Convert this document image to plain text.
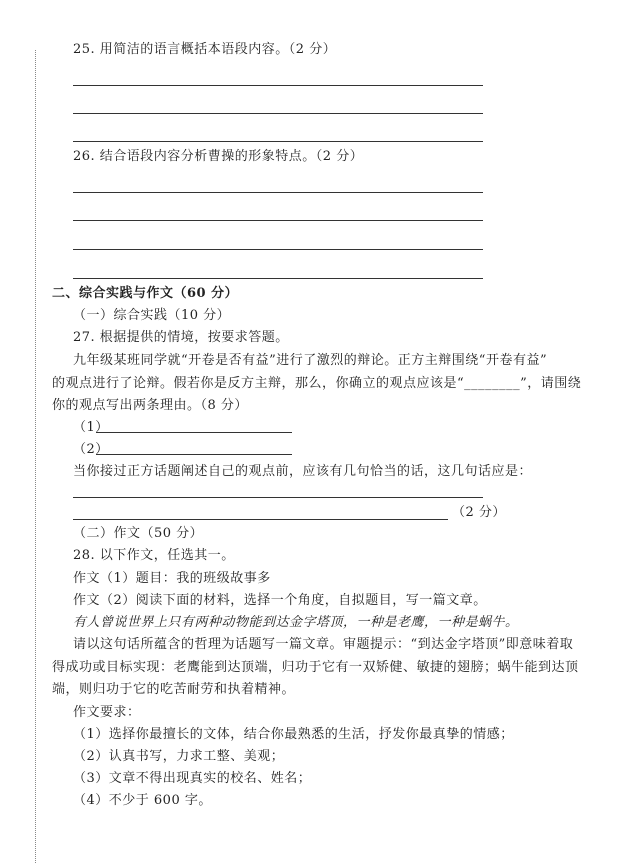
25. 用简洁的语言概括本语段内容。（2 分）
26. 结合语段内容分析曹操的形象特点。（2 分）
二、综合实践与作文（60 分）
（一）综合实践（10 分）
27. 根据提供的情境，按要求答题。
九年级某班同学就“开卷是否有益”进行了激烈的辩论。正方主辩围绕“开卷有益”
的观点进行了论辩。假若你是反方主辩，那么，你确立的观点应该是“________”，请围绕
你的观点写出两条理由。（8 分）
（1）
（2）
当你接过正方话题阐述自己的观点前，应该有几句恰当的话，这几句话应是：
（2 分）
（二）作文（50 分）
28. 以下作文，任选其一。
作文（1）题目：我的班级故事多
作文（2）阅读下面的材料，选择一个角度，自拟题目，写一篇文章。
有人曾说世界上只有两种动物能到达金字塔顶，一种是老鹰，一种是蜗牛。
请以这句话所蕴含的哲理为话题写一篇文章。审题提示：“到达金字塔顶”即意味着取
得成功或目标实现：老鹰能到达顶端，归功于它有一双矫健、敏捷的翅膀；蜗牛能到达顶
端，则归功于它的吃苦耐劳和执着精神。
作文要求：
（1）选择你最擅长的文体，结合你最熟悉的生活，抒发你最真挚的情感；
（2）认真书写，力求工整、美观；
（3）文章不得出现真实的校名、姓名；
（4）不少于 600 字。
